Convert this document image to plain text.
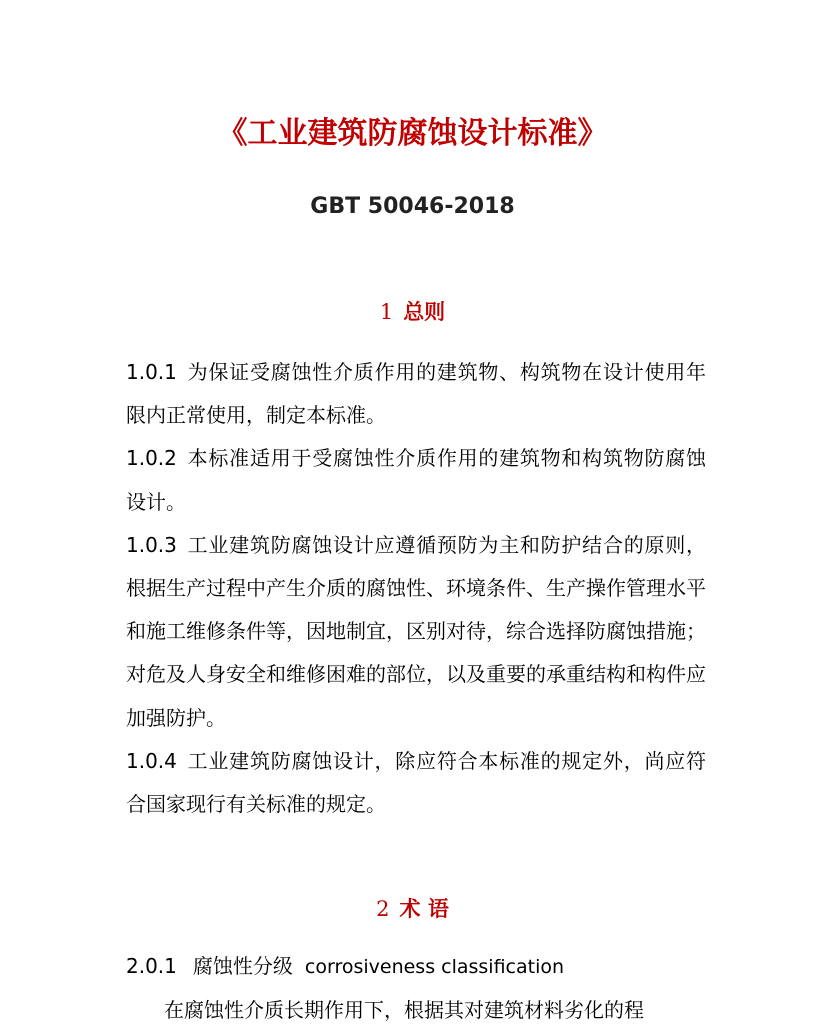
《工业建筑防腐蚀设计标准》
GBT 50046-2018
1 总则

1.0.1 为保证受腐蚀性介质作用的建筑物、构筑物在设计使用年限内正常使用，制定本标准。

1.0.2 本标准适用于受腐蚀性介质作用的建筑物和构筑物防腐蚀设计。

1.0.3 工业建筑防腐蚀设计应遵循预防为主和防护结合的原则，根据生产过程中产生介质的腐蚀性、环境条件、生产操作管理水平和施工维修条件等，因地制宜，区别对待，综合选择防腐蚀措施；对危及人身安全和维修困难的部位，以及重要的承重结构和构件应加强防护。

1.0.4 工业建筑防腐蚀设计，除应符合本标准的规定外，尚应符合国家现行有关标准的规定。

2 术 语

2.0.1 腐蚀性分级 corrosiveness classification

在腐蚀性介质长期作用下，根据其对建筑材料劣化的程
